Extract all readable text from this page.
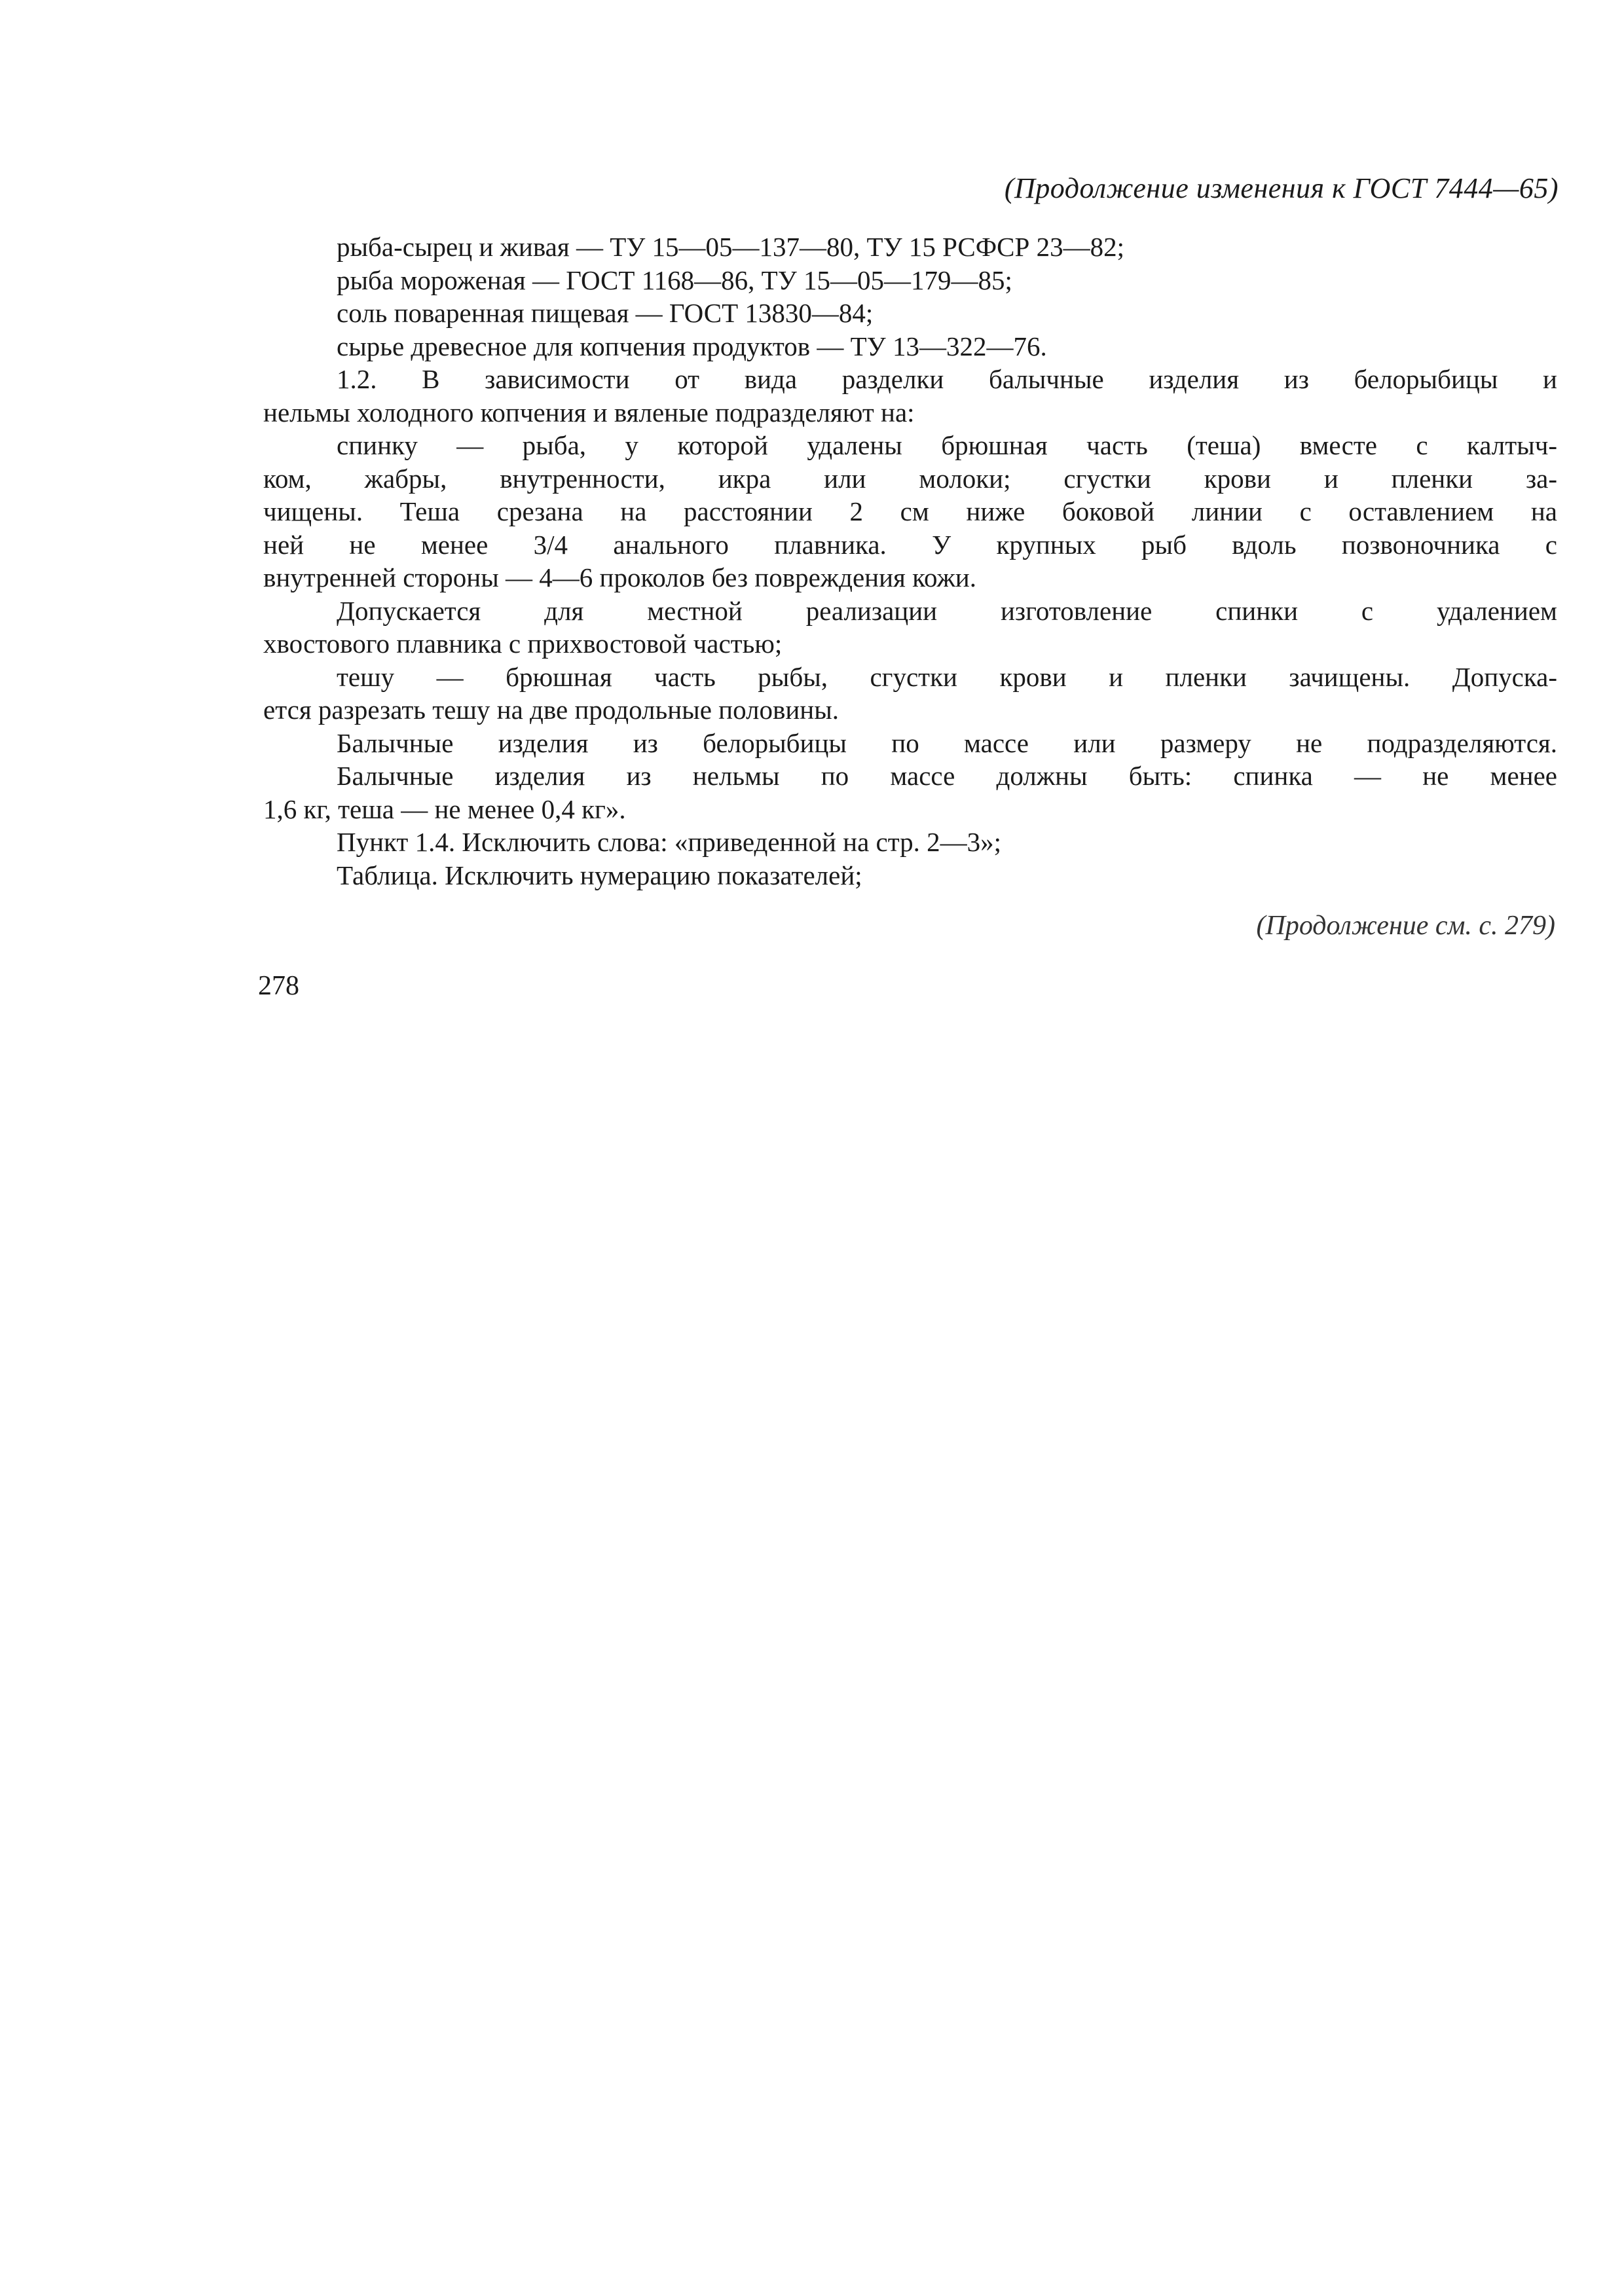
(Продолжение изменения к ГОСТ 7444—65)
рыба-сырец и живая — ТУ 15—05—137—80, ТУ 15 РСФСР 23—82;
рыба мороженая — ГОСТ 1168—86, ТУ 15—05—179—85;
соль поваренная пищевая — ГОСТ 13830—84;
сырье древесное для копчения продуктов — ТУ 13—322—76.
1.2. В зависимости от вида разделки балычные изделия из белорыбицы и
нельмы холодного копчения и вяленые подразделяют на:
спинку — рыба, у которой удалены брюшная часть (теша) вместе с калтыч-
ком, жабры, внутренности, икра или молоки; сгустки крови и пленки за-
чищены. Теша срезана на расстоянии 2 см ниже боковой линии с оставлением на
ней не менее 3/4 анального плавника. У крупных рыб вдоль позвоночника с
внутренней стороны — 4—6 проколов без повреждения кожи.
Допускается для местной реализации изготовление спинки с удалением
хвостового плавника с прихвостовой частью;
тешу — брюшная часть рыбы, сгустки крови и пленки зачищены. Допуска-
ется разрезать тешу на две продольные половины.
Балычные изделия из белорыбицы по массе или размеру не подразделяются.
Балычные изделия из нельмы по массе должны быть: спинка — не менее
1,6 кг, теша — не менее 0,4 кг».
Пункт 1.4. Исключить слова: «приведенной на стр. 2—3»;
Таблица. Исключить нумерацию показателей;
(Продолжение см. с. 279)
278
